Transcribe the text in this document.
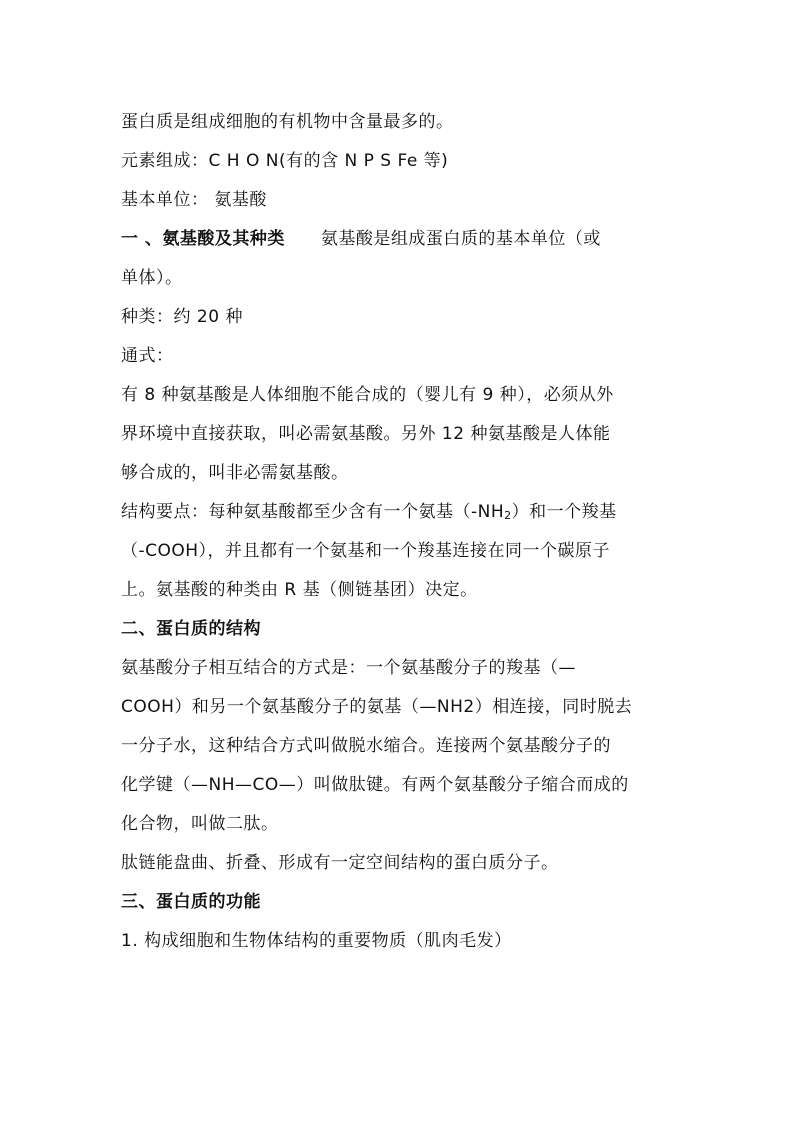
蛋白质是组成细胞的有机物中含量最多的。
元素组成：C H O N(有的含 N P S Fe 等)
基本单位： 氨基酸
一 、氨基酸及其种类 氨基酸是组成蛋白质的基本单位（或
单体）。
种类：约 20 种
通式：
有 8 种氨基酸是人体细胞不能合成的（婴儿有 9 种），必须从外
界环境中直接获取，叫必需氨基酸。另外 12 种氨基酸是人体能
够合成的，叫非必需氨基酸。
结构要点：每种氨基酸都至少含有一个氨基$(-NH_2)$和一个羧基
（-COOH），并且都有一个氨基和一个羧基连接在同一个碳原子
上。氨基酸的种类由 R 基（侧链基团）决定。
二、蛋白质的结构
氨基酸分子相互结合的方式是：一个氨基酸分子的羧基（—
COOH）和另一个氨基酸分子的氨基（—NH2）相连接，同时脱去
一分子水，这种结合方式叫做脱水缩合。连接两个氨基酸分子的
化学键（—NH—CO—）叫做肽键。有两个氨基酸分子缩合而成的
化合物，叫做二肽。
肽链能盘曲、折叠、形成有一定空间结构的蛋白质分子。
三、蛋白质的功能
1. 构成细胞和生物体结构的重要物质（肌肉毛发）
